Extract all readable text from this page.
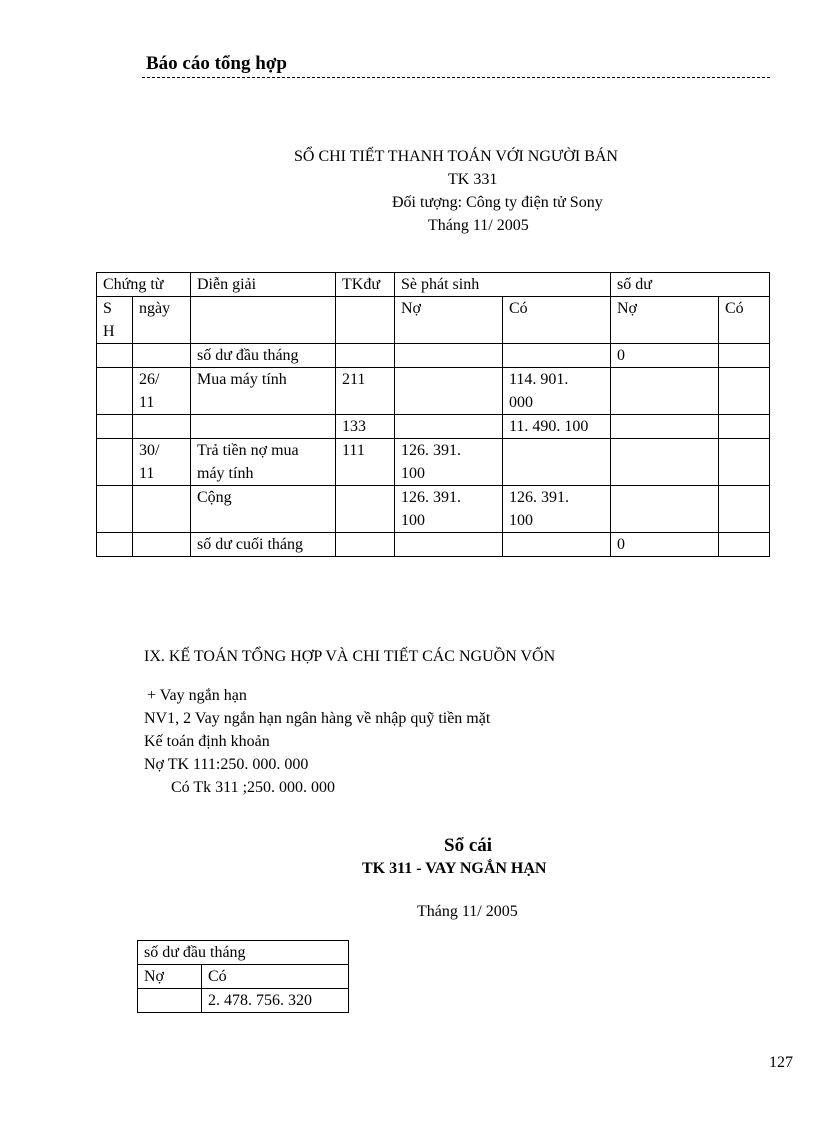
Báo cáo tổng hợp
SỔ CHI TIẾT THANH TOÁN VỚI NGƯỜI BÁN
TK 331
Đối tượng: Công ty điện tử Sony
Tháng 11/ 2005
Chứng từ		Diễn giải	TKđư	Sè phát sinh		số dư	
S H	ngày			Nợ	Có	Nợ	Có
		số dư đầu tháng				0	
	26/ 11	Mua máy tính	211		114. 901. 000		
			133		11. 490. 100		
	30/ 11	Trả tiền nợ mua máy tính	111	126. 391. 100			
		Cộng		126. 391. 100	126. 391. 100		
		số dư cuối tháng				0	
IX. KẾ TOÁN TỔNG HỢP VÀ CHI TIẾT CÁC NGUỒN VỐN
+ Vay ngắn hạn
NV1, 2 Vay ngắn hạn ngân hàng về nhập quỹ tiền mặt
Kế toán định khoản
Nợ TK 111:250. 000. 000
Có Tk 311 ;250. 000. 000
Sổ cái
TK 311 - VAY NGẮN HẠN
Tháng 11/ 2005
số dư đầu tháng	
Nợ	Có
	2. 478. 756. 320
127
